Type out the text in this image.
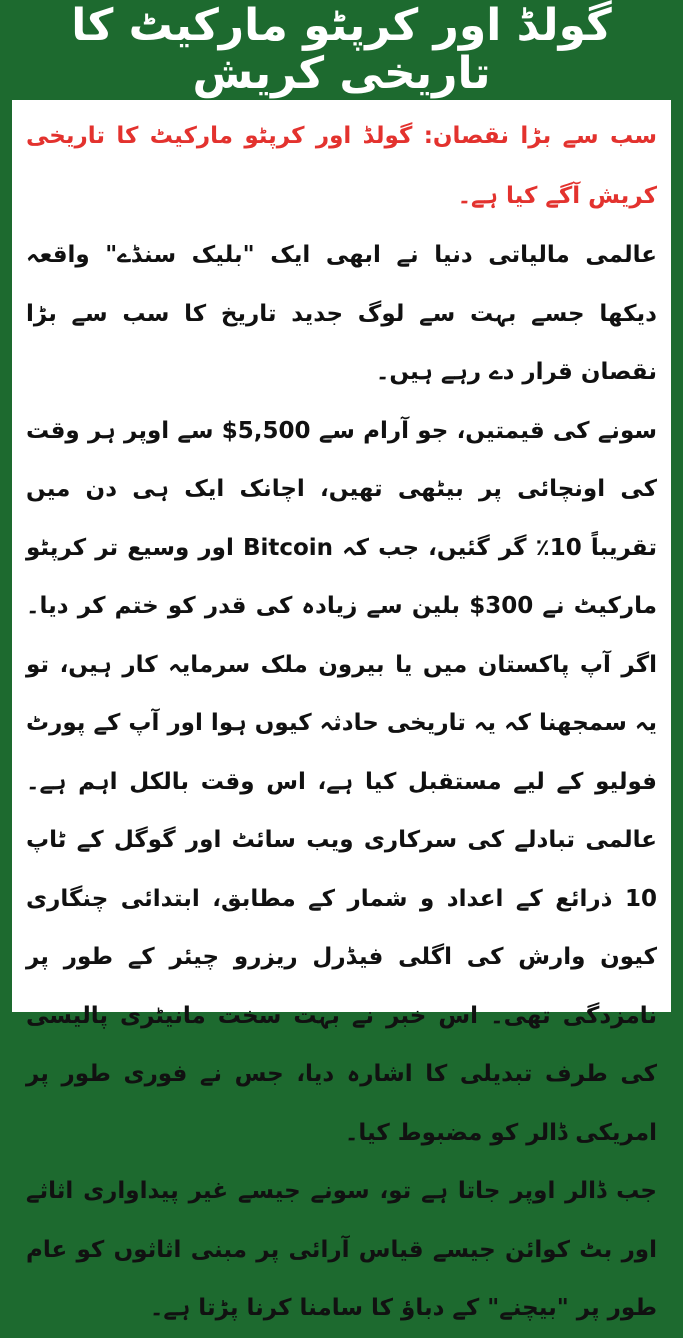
گولڈ اور کرپٹو مارکیٹ کا تاریخی کریش

سب سے بڑا نقصان: گولڈ اور کرپٹو مارکیٹ کا تاریخی کریش آگے کیا ہے۔

عالمی مالیاتی دنیا نے ابھی ایک "بلیک سنڈے" واقعہ دیکھا جسے بہت سے لوگ جدید تاریخ کا سب سے بڑا نقصان قرار دے رہے ہیں۔

سونے کی قیمتیں، جو آرام سے 5,500$ سے اوپر ہر وقت کی اونچائی پر بیٹھی تھیں، اچانک ایک ہی دن میں تقریباً 10٪ گر گئیں، جب کہ Bitcoin اور وسیع تر کرپٹو مارکیٹ نے 300$ بلین سے زیادہ کی قدر کو ختم کر دیا۔ اگر آپ پاکستان میں یا بیرون ملک سرمایہ کار ہیں، تو یہ سمجھنا کہ یہ تاریخی حادثہ کیوں ہوا اور آپ کے پورٹ فولیو کے لیے مستقبل کیا ہے، اس وقت بالکل اہم ہے۔ عالمی تبادلے کی سرکاری ویب سائٹ اور گوگل کے ٹاپ 10 ذرائع کے اعداد و شمار کے مطابق، ابتدائی چنگاری کیون وارش کی اگلی فیڈرل ریزرو چیئر کے طور پر نامزدگی تھی۔ اس خبر نے بہت سخت مانیٹری پالیسی کی طرف تبدیلی کا اشارہ دیا، جس نے فوری طور پر امریکی ڈالر کو مضبوط کیا۔

جب ڈالر اوپر جاتا ہے تو، سونے جیسے غیر پیداواری اثاثے اور بٹ کوائن جیسے قیاس آرائی پر مبنی اثاثوں کو عام طور پر "بیچنے" کے دباؤ کا سامنا کرنا پڑتا ہے۔
